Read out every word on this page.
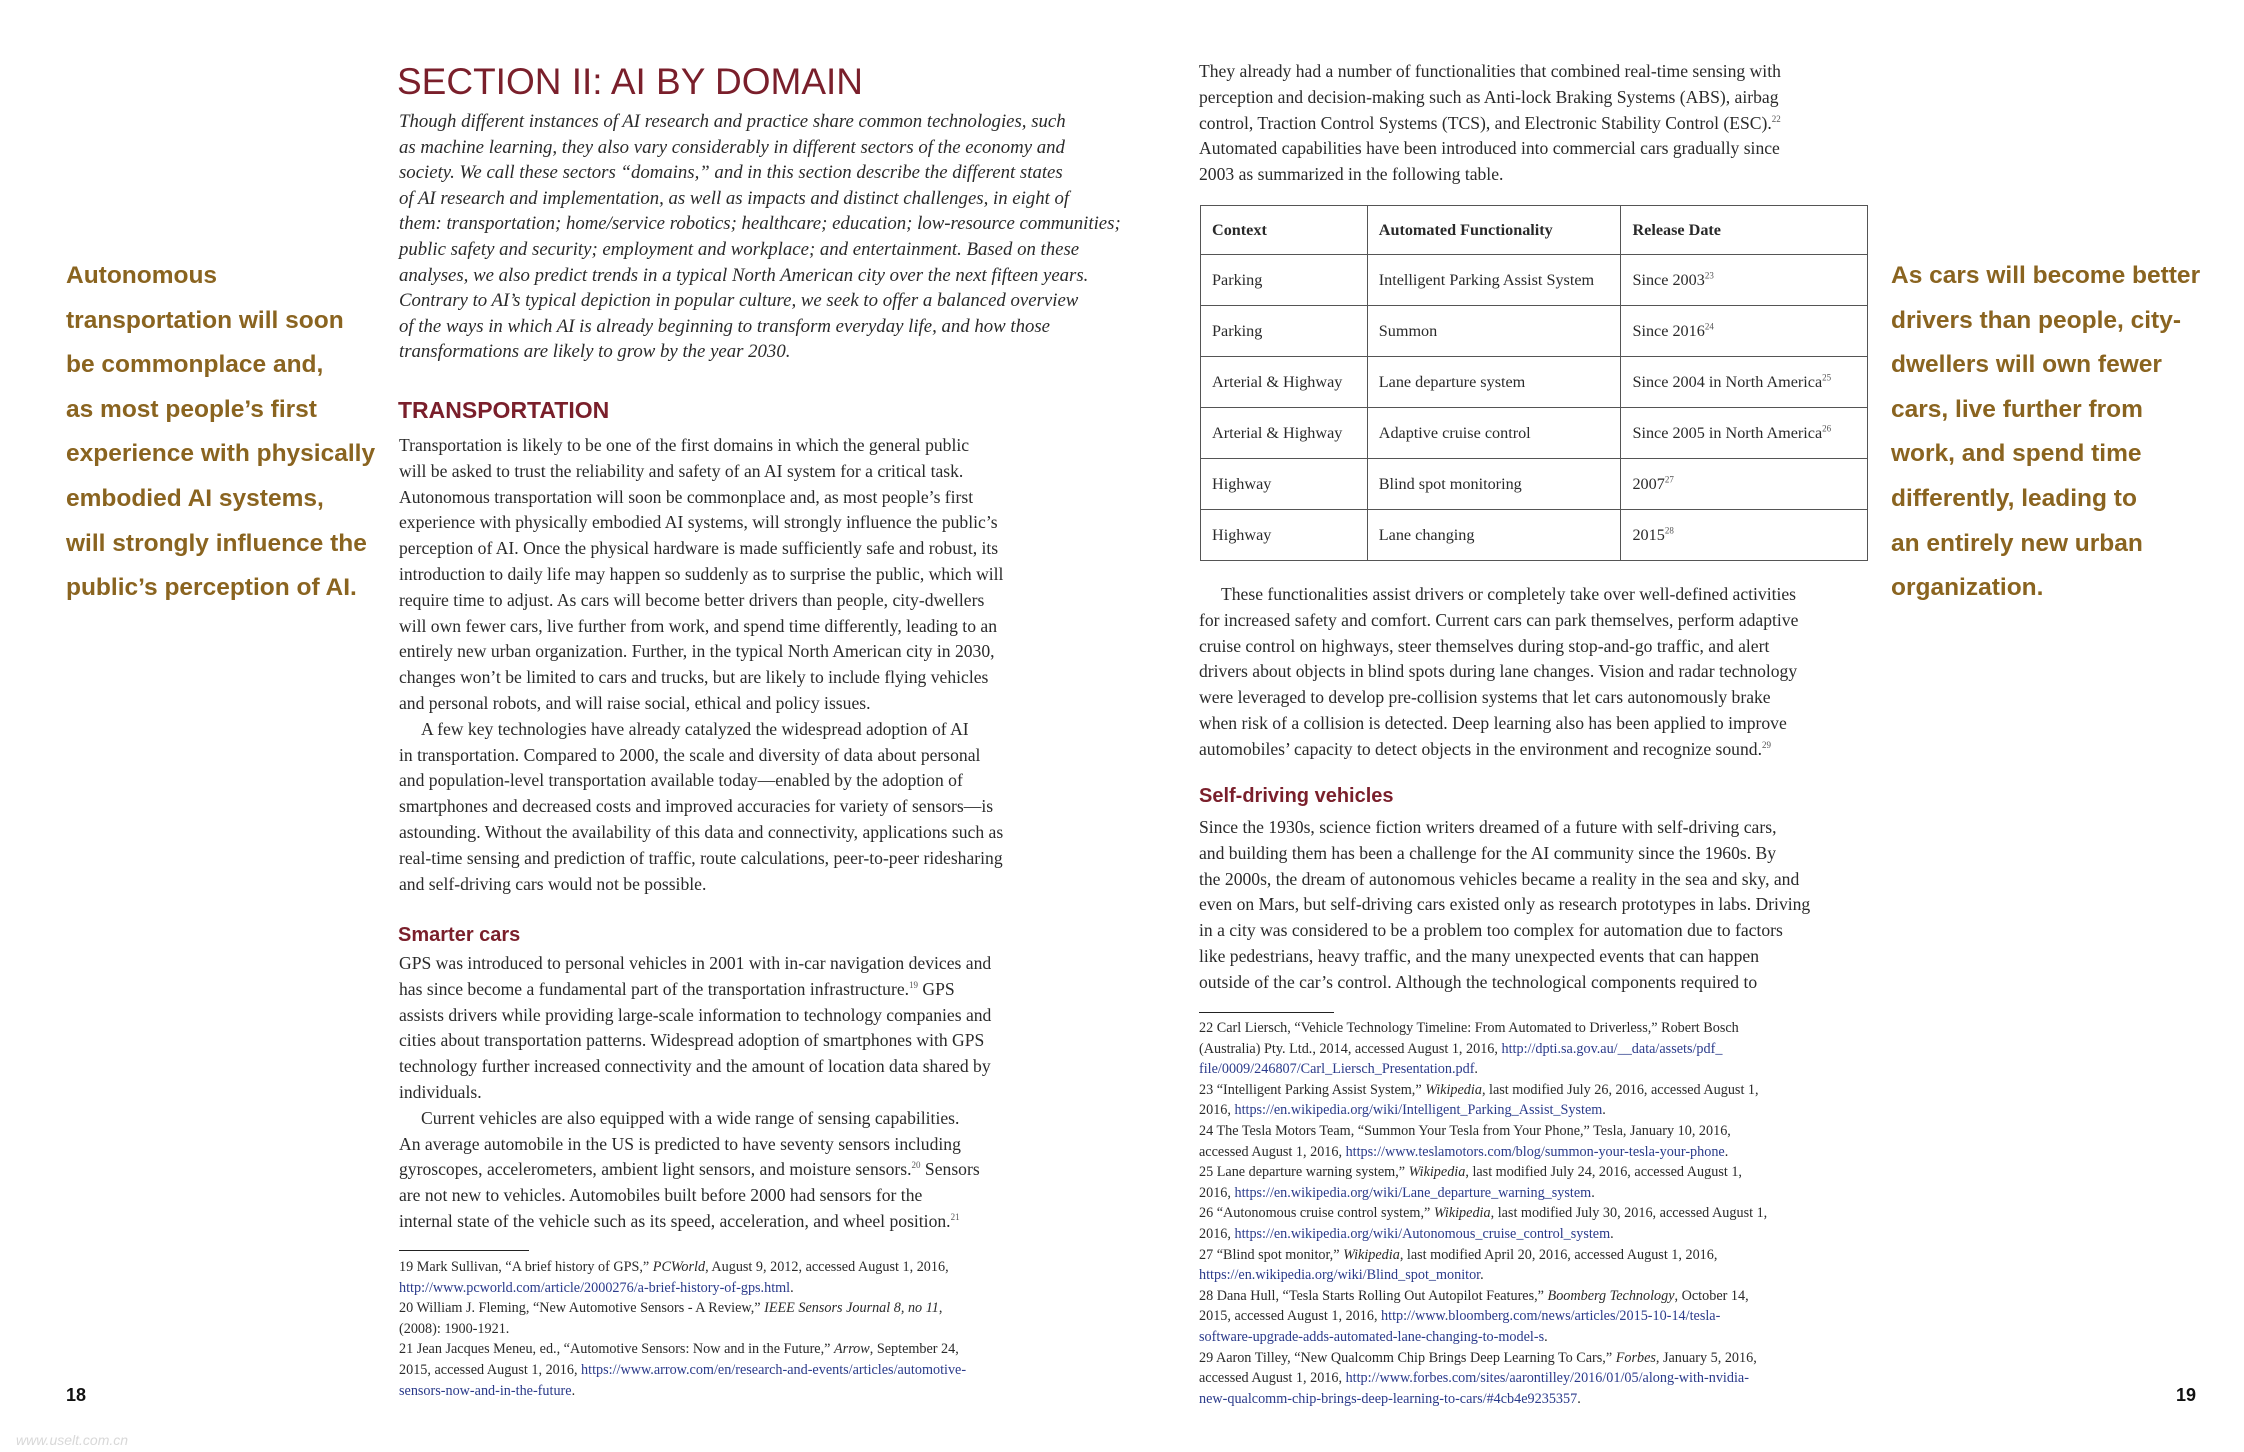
Autonomous
transportation will soon
be commonplace and,
as most people’s first
experience with physically
embodied AI systems,
will strongly influence the
public’s perception of AI.
SECTION II: AI BY DOMAIN
Though different instances of AI research and practice share common technologies, such
as machine learning, they also vary considerably in different sectors of the economy and
society. We call these sectors “domains,” and in this section describe the different states
of AI research and implementation, as well as impacts and distinct challenges, in eight of
them: transportation; home/service robotics; healthcare; education; low-resource communities;
public safety and security; employment and workplace; and entertainment. Based on these
analyses, we also predict trends in a typical North American city over the next fifteen years.
Contrary to AI’s typical depiction in popular culture, we seek to offer a balanced overview
of the ways in which AI is already beginning to transform everyday life, and how those
transformations are likely to grow by the year 2030.
TRANSPORTATION
Transportation is likely to be one of the first domains in which the general public
will be asked to trust the reliability and safety of an AI system for a critical task.
Autonomous transportation will soon be commonplace and, as most people’s first
experience with physically embodied AI systems, will strongly influence the public’s
perception of AI. Once the physical hardware is made sufficiently safe and robust, its
introduction to daily life may happen so suddenly as to surprise the public, which will
require time to adjust. As cars will become better drivers than people, city-dwellers
will own fewer cars, live further from work, and spend time differently, leading to an
entirely new urban organization. Further, in the typical North American city in 2030,
changes won’t be limited to cars and trucks, but are likely to include flying vehicles
and personal robots, and will raise social, ethical and policy issues.
A few key technologies have already catalyzed the widespread adoption of AI
in transportation. Compared to 2000, the scale and diversity of data about personal
and population-level transportation available today—enabled by the adoption of
smartphones and decreased costs and improved accuracies for variety of sensors—is
astounding. Without the availability of this data and connectivity, applications such as
real-time sensing and prediction of traffic, route calculations, peer-to-peer ridesharing
and self-driving cars would not be possible.
Smarter cars
GPS was introduced to personal vehicles in 2001 with in-car navigation devices and
has since become a fundamental part of the transportation infrastructure.$^{19}$ GPS
assists drivers while providing large-scale information to technology companies and
cities about transportation patterns. Widespread adoption of smartphones with GPS
technology further increased connectivity and the amount of location data shared by
individuals.
Current vehicles are also equipped with a wide range of sensing capabilities.
An average automobile in the US is predicted to have seventy sensors including
gyroscopes, accelerometers, ambient light sensors, and moisture sensors.$^{20}$ Sensors
are not new to vehicles. Automobiles built before 2000 had sensors for the
internal state of the vehicle such as its speed, acceleration, and wheel position.$^{21}$
19 Mark Sullivan, “A brief history of GPS,” PCWorld, August 9, 2012, accessed August 1, 2016,
http://www.pcworld.com/article/2000276/a-brief-history-of-gps.html.
20 William J. Fleming, “New Automotive Sensors - A Review,” IEEE Sensors Journal 8, no 11,
(2008): 1900-1921.
21 Jean Jacques Meneu, ed., “Automotive Sensors: Now and in the Future,” Arrow, September 24,
2015, accessed August 1, 2016, https://www.arrow.com/en/research-and-events/articles/automotive-
sensors-now-and-in-the-future.
18	19
They already had a number of functionalities that combined real-time sensing with
perception and decision-making such as Anti-lock Braking Systems (ABS), airbag
control, Traction Control Systems (TCS), and Electronic Stability Control (ESC).$^{22}$
Automated capabilities have been introduced into commercial cars gradually since
2003 as summarized in the following table.
Context	Automated Functionality	Release Date
Parking	Intelligent Parking Assist System	Since 2003$^{23}$
Parking	Summon	Since 2016$^{24}$
Arterial & Highway	Lane departure system	Since 2004 in North America$^{25}$
Arterial & Highway	Adaptive cruise control	Since 2005 in North America$^{26}$
Highway	Blind spot monitoring	2007$^{27}$
Highway	Lane changing	2015$^{28}$
These functionalities assist drivers or completely take over well-defined activities
for increased safety and comfort. Current cars can park themselves, perform adaptive
cruise control on highways, steer themselves during stop-and-go traffic, and alert
drivers about objects in blind spots during lane changes. Vision and radar technology
were leveraged to develop pre-collision systems that let cars autonomously brake
when risk of a collision is detected. Deep learning also has been applied to improve
automobiles’ capacity to detect objects in the environment and recognize sound.$^{29}$
Self-driving vehicles
Since the 1930s, science fiction writers dreamed of a future with self-driving cars,
and building them has been a challenge for the AI community since the 1960s. By
the 2000s, the dream of autonomous vehicles became a reality in the sea and sky, and
even on Mars, but self-driving cars existed only as research prototypes in labs. Driving
in a city was considered to be a problem too complex for automation due to factors
like pedestrians, heavy traffic, and the many unexpected events that can happen
outside of the car’s control. Although the technological components required to
As cars will become better
drivers than people, city-
dwellers will own fewer
cars, live further from
work, and spend time
differently, leading to
an entirely new urban
organization.
22 Carl Liersch, “Vehicle Technology Timeline: From Automated to Driverless,” Robert Bosch
(Australia) Pty. Ltd., 2014, accessed August 1, 2016, http://dpti.sa.gov.au/__data/assets/pdf_
file/0009/246807/Carl_Liersch_Presentation.pdf.
23 “Intelligent Parking Assist System,” Wikipedia, last modified July 26, 2016, accessed August 1,
2016, https://en.wikipedia.org/wiki/Intelligent_Parking_Assist_System.
24 The Tesla Motors Team, “Summon Your Tesla from Your Phone,” Tesla, January 10, 2016,
accessed August 1, 2016, https://www.teslamotors.com/blog/summon-your-tesla-your-phone.
25 Lane departure warning system,” Wikipedia, last modified July 24, 2016, accessed August 1,
2016, https://en.wikipedia.org/wiki/Lane_departure_warning_system.
26 “Autonomous cruise control system,” Wikipedia, last modified July 30, 2016, accessed August 1,
2016, https://en.wikipedia.org/wiki/Autonomous_cruise_control_system.
27 “Blind spot monitor,” Wikipedia, last modified April 20, 2016, accessed August 1, 2016,
https://en.wikipedia.org/wiki/Blind_spot_monitor.
28 Dana Hull, “Tesla Starts Rolling Out Autopilot Features,” Boomberg Technology, October 14,
2015, accessed August 1, 2016, http://www.bloomberg.com/news/articles/2015-10-14/tesla-
software-upgrade-adds-automated-lane-changing-to-model-s.
29 Aaron Tilley, “New Qualcomm Chip Brings Deep Learning To Cars,” Forbes, January 5, 2016,
accessed August 1, 2016, http://www.forbes.com/sites/aarontilley/2016/01/05/along-with-nvidia-
new-qualcomm-chip-brings-deep-learning-to-cars/#4cb4e9235357.
www.uselt.com.cn
